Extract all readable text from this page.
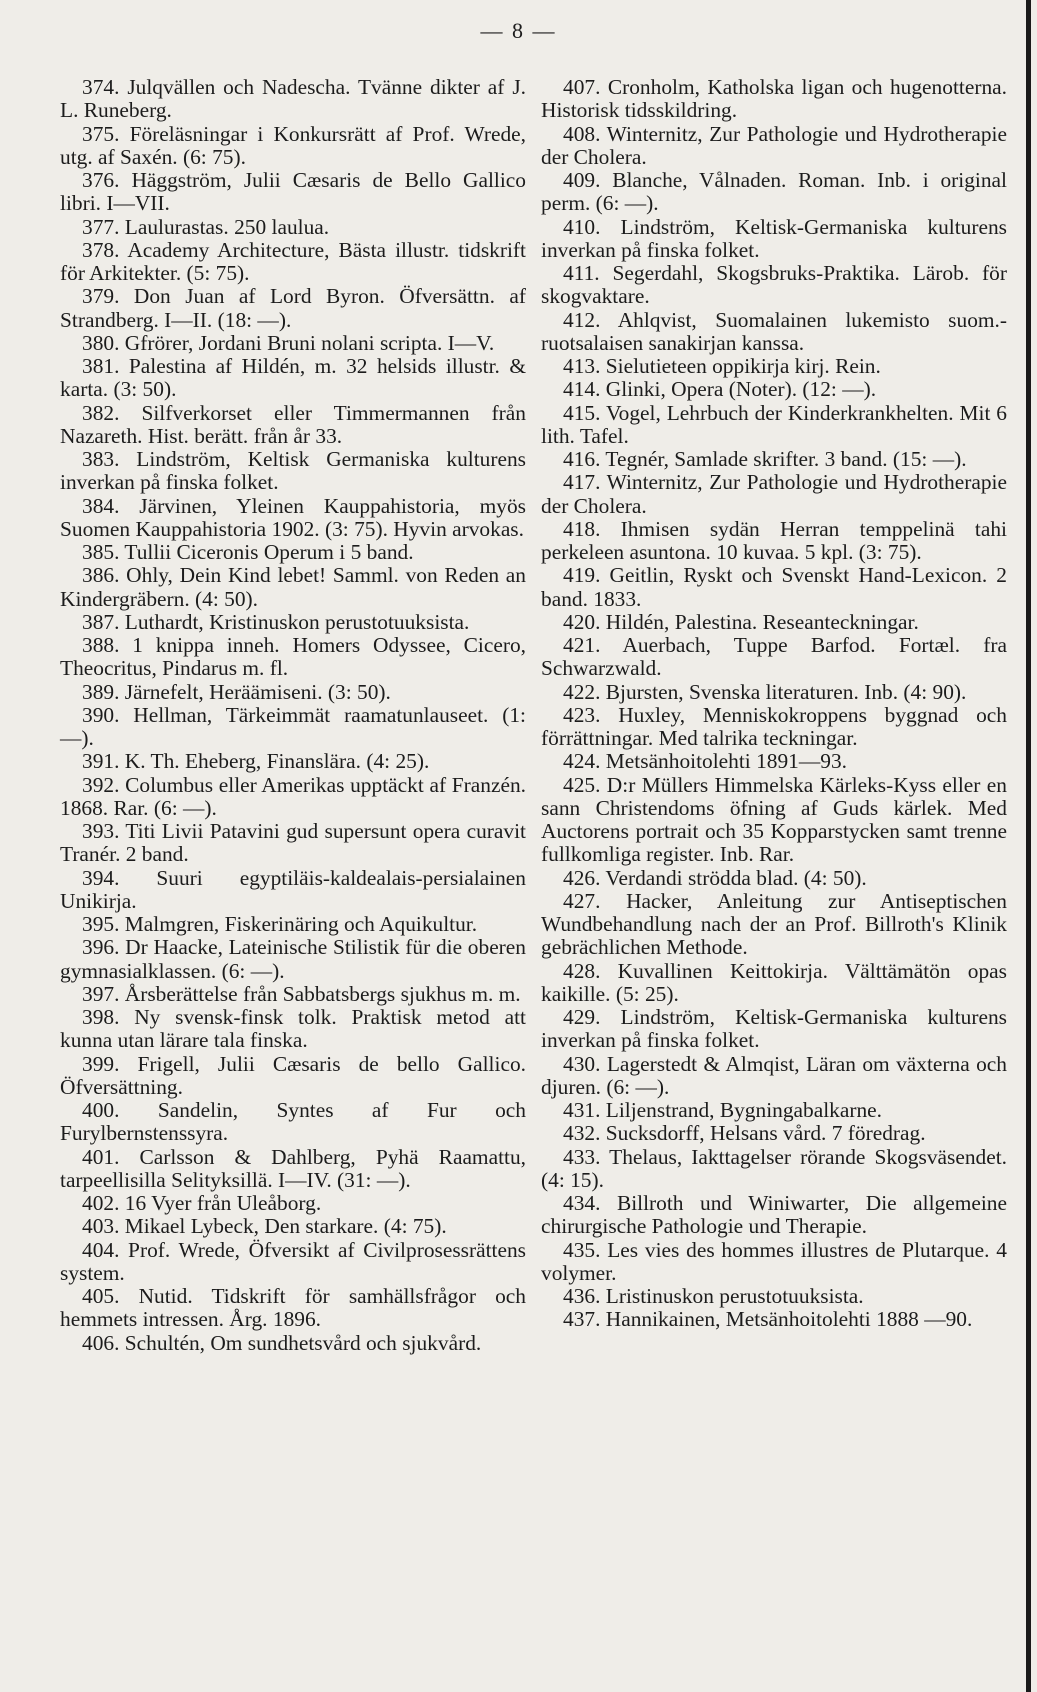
— 8 —

374. Julqvällen och Nadescha. Tvänne dikter af J. L. Runeberg.

375. Föreläsningar i Konkursrätt af Prof. Wrede, utg. af Saxén. (6: 75).

376. Häggström, Julii Cæsaris de Bello Gallico libri. I—VII.

377. Laulurastas. 250 laulua.

378. Academy Architecture, Bästa illustr. tidskrift för Arkitekter. (5: 75).

379. Don Juan af Lord Byron. Öfversättn. af Strandberg. I—II. (18: —).

380. Gfrörer, Jordani Bruni nolani scripta. I—V.

381. Palestina af Hildén, m. 32 helsids illustr. & karta. (3: 50).

382. Silfverkorset eller Timmermannen från Nazareth. Hist. berätt. från år 33.

383. Lindström, Keltisk Germaniska kulturens inverkan på finska folket.

384. Järvinen, Yleinen Kauppahistoria, myös Suomen Kauppahistoria 1902. (3: 75). Hyvin arvokas.

385. Tullii Ciceronis Operum i 5 band.

386. Ohly, Dein Kind lebet! Samml. von Reden an Kindergräbern. (4: 50).

387. Luthardt, Kristinuskon perustotuuksista.

388. 1 knippa inneh. Homers Odyssee, Cicero, Theocritus, Pindarus m. fl.

389. Järnefelt, Heräämiseni. (3: 50).

390. Hellman, Tärkeimmät raamatunlauseet. (1: —).

391. K. Th. Eheberg, Finanslära. (4: 25).

392. Columbus eller Amerikas upptäckt af Franzén. 1868. Rar. (6: —).

393. Titi Livii Patavini gud supersunt opera curavit Tranér. 2 band.

394. Suuri egyptiläis-kaldealais-persialainen Unikirja.

395. Malmgren, Fiskerinäring och Aquikultur.

396. Dr Haacke, Lateinische Stilistik für die oberen gymnasialklassen. (6: —).

397. Årsberättelse från Sabbatsbergs sjukhus m. m.

398. Ny svensk-finsk tolk. Praktisk metod att kunna utan lärare tala finska.

399. Frigell, Julii Cæsaris de bello Gallico. Öfversättning.

400. Sandelin, Syntes af Fur och Furylbernstenssyra.

401. Carlsson & Dahlberg, Pyhä Raamattu, tarpeellisilla Selityksillä. I—IV. (31: —).

402. 16 Vyer från Uleåborg.

403. Mikael Lybeck, Den starkare. (4: 75).

404. Prof. Wrede, Öfversikt af Civilprosessrättens system.

405. Nutid. Tidskrift för samhällsfrågor och hemmets intressen. Årg. 1896.

406. Schultén, Om sundhetsvård och sjukvård.

407. Cronholm, Katholska ligan och hugenotterna. Historisk tidsskildring.

408. Winternitz, Zur Pathologie und Hydrotherapie der Cholera.

409. Blanche, Vålnaden. Roman. Inb. i original perm. (6: —).

410. Lindström, Keltisk-Germaniska kulturens inverkan på finska folket.

411. Segerdahl, Skogsbruks-Praktika. Lärob. för skogvaktare.

412. Ahlqvist, Suomalainen lukemisto suom.-ruotsalaisen sanakirjan kanssa.

413. Sielutieteen oppikirja kirj. Rein.

414. Glinki, Opera (Noter). (12: —).

415. Vogel, Lehrbuch der Kinderkrankhelten. Mit 6 lith. Tafel.

416. Tegnér, Samlade skrifter. 3 band. (15: —).

417. Winternitz, Zur Pathologie und Hydrotherapie der Cholera.

418. Ihmisen sydän Herran temppelinä tahi perkeleen asuntona. 10 kuvaa. 5 kpl. (3: 75).

419. Geitlin, Ryskt och Svenskt Hand-Lexicon. 2 band. 1833.

420. Hildén, Palestina. Reseanteckningar.

421. Auerbach, Tuppe Barfod. Fortæl. fra Schwarzwald.

422. Bjursten, Svenska literaturen. Inb. (4: 90).

423. Huxley, Menniskokroppens byggnad och förrättningar. Med talrika teckningar.

424. Metsänhoitolehti 1891—93.

425. D:r Müllers Himmelska Kärleks-Kyss eller en sann Christendoms öfning af Guds kärlek. Med Auctorens portrait och 35 Kopparstycken samt trenne fullkomliga register. Inb. Rar.

426. Verdandi strödda blad. (4: 50).

427. Hacker, Anleitung zur Antiseptischen Wundbehandlung nach der an Prof. Billroth's Klinik gebrächlichen Methode.

428. Kuvallinen Keittokirja. Välttämätön opas kaikille. (5: 25).

429. Lindström, Keltisk-Germaniska kulturens inverkan på finska folket.

430. Lagerstedt & Almqist, Läran om växterna och djuren. (6: —).

431. Liljenstrand, Bygningabalkarne.

432. Sucksdorff, Helsans vård. 7 föredrag.

433. Thelaus, Iakttagelser rörande Skogsväsendet. (4: 15).

434. Billroth und Winiwarter, Die allgemeine chirurgische Pathologie und Therapie.

435. Les vies des hommes illustres de Plutarque. 4 volymer.

436. Lristinuskon perustotuuksista.

437. Hannikainen, Metsänhoitolehti 1888 —90.
